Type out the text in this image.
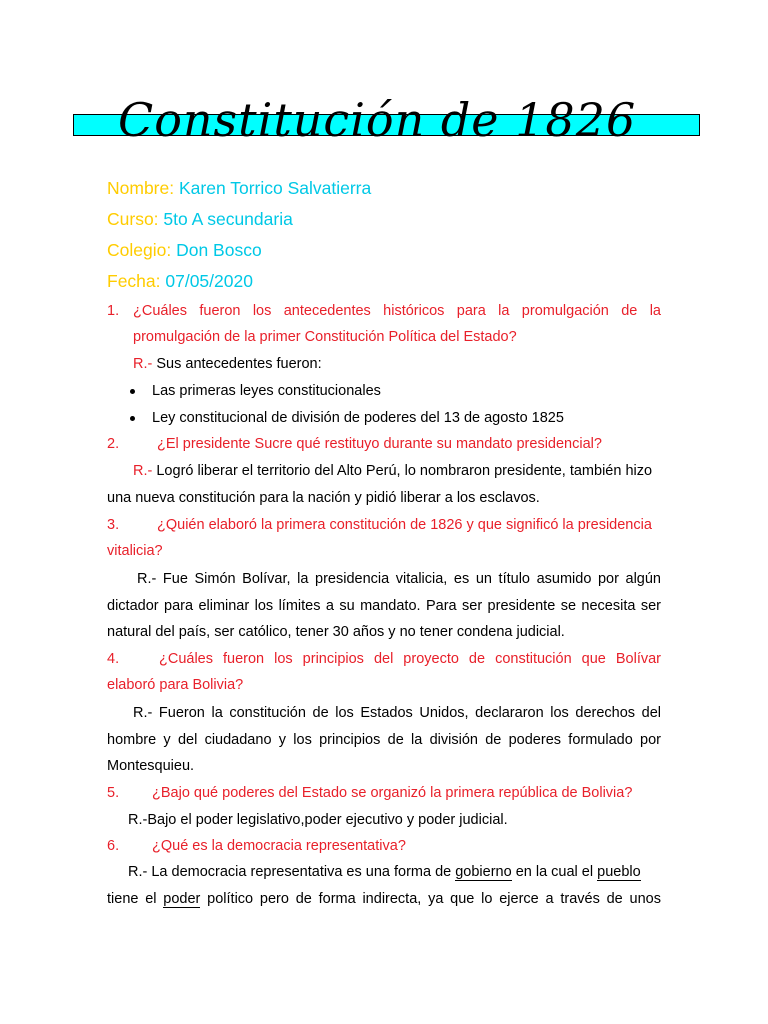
Constitución de 1826
Nombre: Karen Torrico Salvatierra
Curso: 5to A secundaria
Colegio: Don Bosco
Fecha: 07/05/2020
1. ¿Cuáles fueron los antecedentes históricos para la promulgación de la
promulgación de la primer Constitución Política del Estado?
R.- Sus antecedentes fueron:
Las primeras leyes constitucionales
Ley constitucional de división de poderes del 13 de agosto 1825
2.	¿El presidente Sucre qué restituyo durante su mandato presidencial?
R.- Logró liberar el territorio del Alto Perú, lo nombraron presidente, también hizo
una nueva constitución para la nación y pidió liberar a los esclavos.
3.	¿Quién elaboró la primera constitución de 1826 y que significó la presidencia
vitalicia?
R.- Fue Simón Bolívar, la presidencia vitalicia, es un título asumido por algún
dictador para eliminar los límites a su mandato. Para ser presidente se necesita ser
natural del país, ser católico, tener 30 años y no tener condena judicial.
4.	¿Cuáles fueron los principios del proyecto de constitución que Bolívar
elaboró para Bolivia?
R.- Fueron la constitución de los Estados Unidos, declararon los derechos del
hombre y del ciudadano y los principios de la división de poderes formulado por
Montesquieu.
5. ¿Bajo qué poderes del Estado se organizó la primera república de Bolivia?
R.-Bajo el poder legislativo,poder ejecutivo y poder judicial.
6. ¿Qué es la democracia representativa?
R.- La democracia representativa es una forma de gobierno en la cual el pueblo
tiene el poder político pero de forma indirecta, ya que lo ejerce a través de unos
